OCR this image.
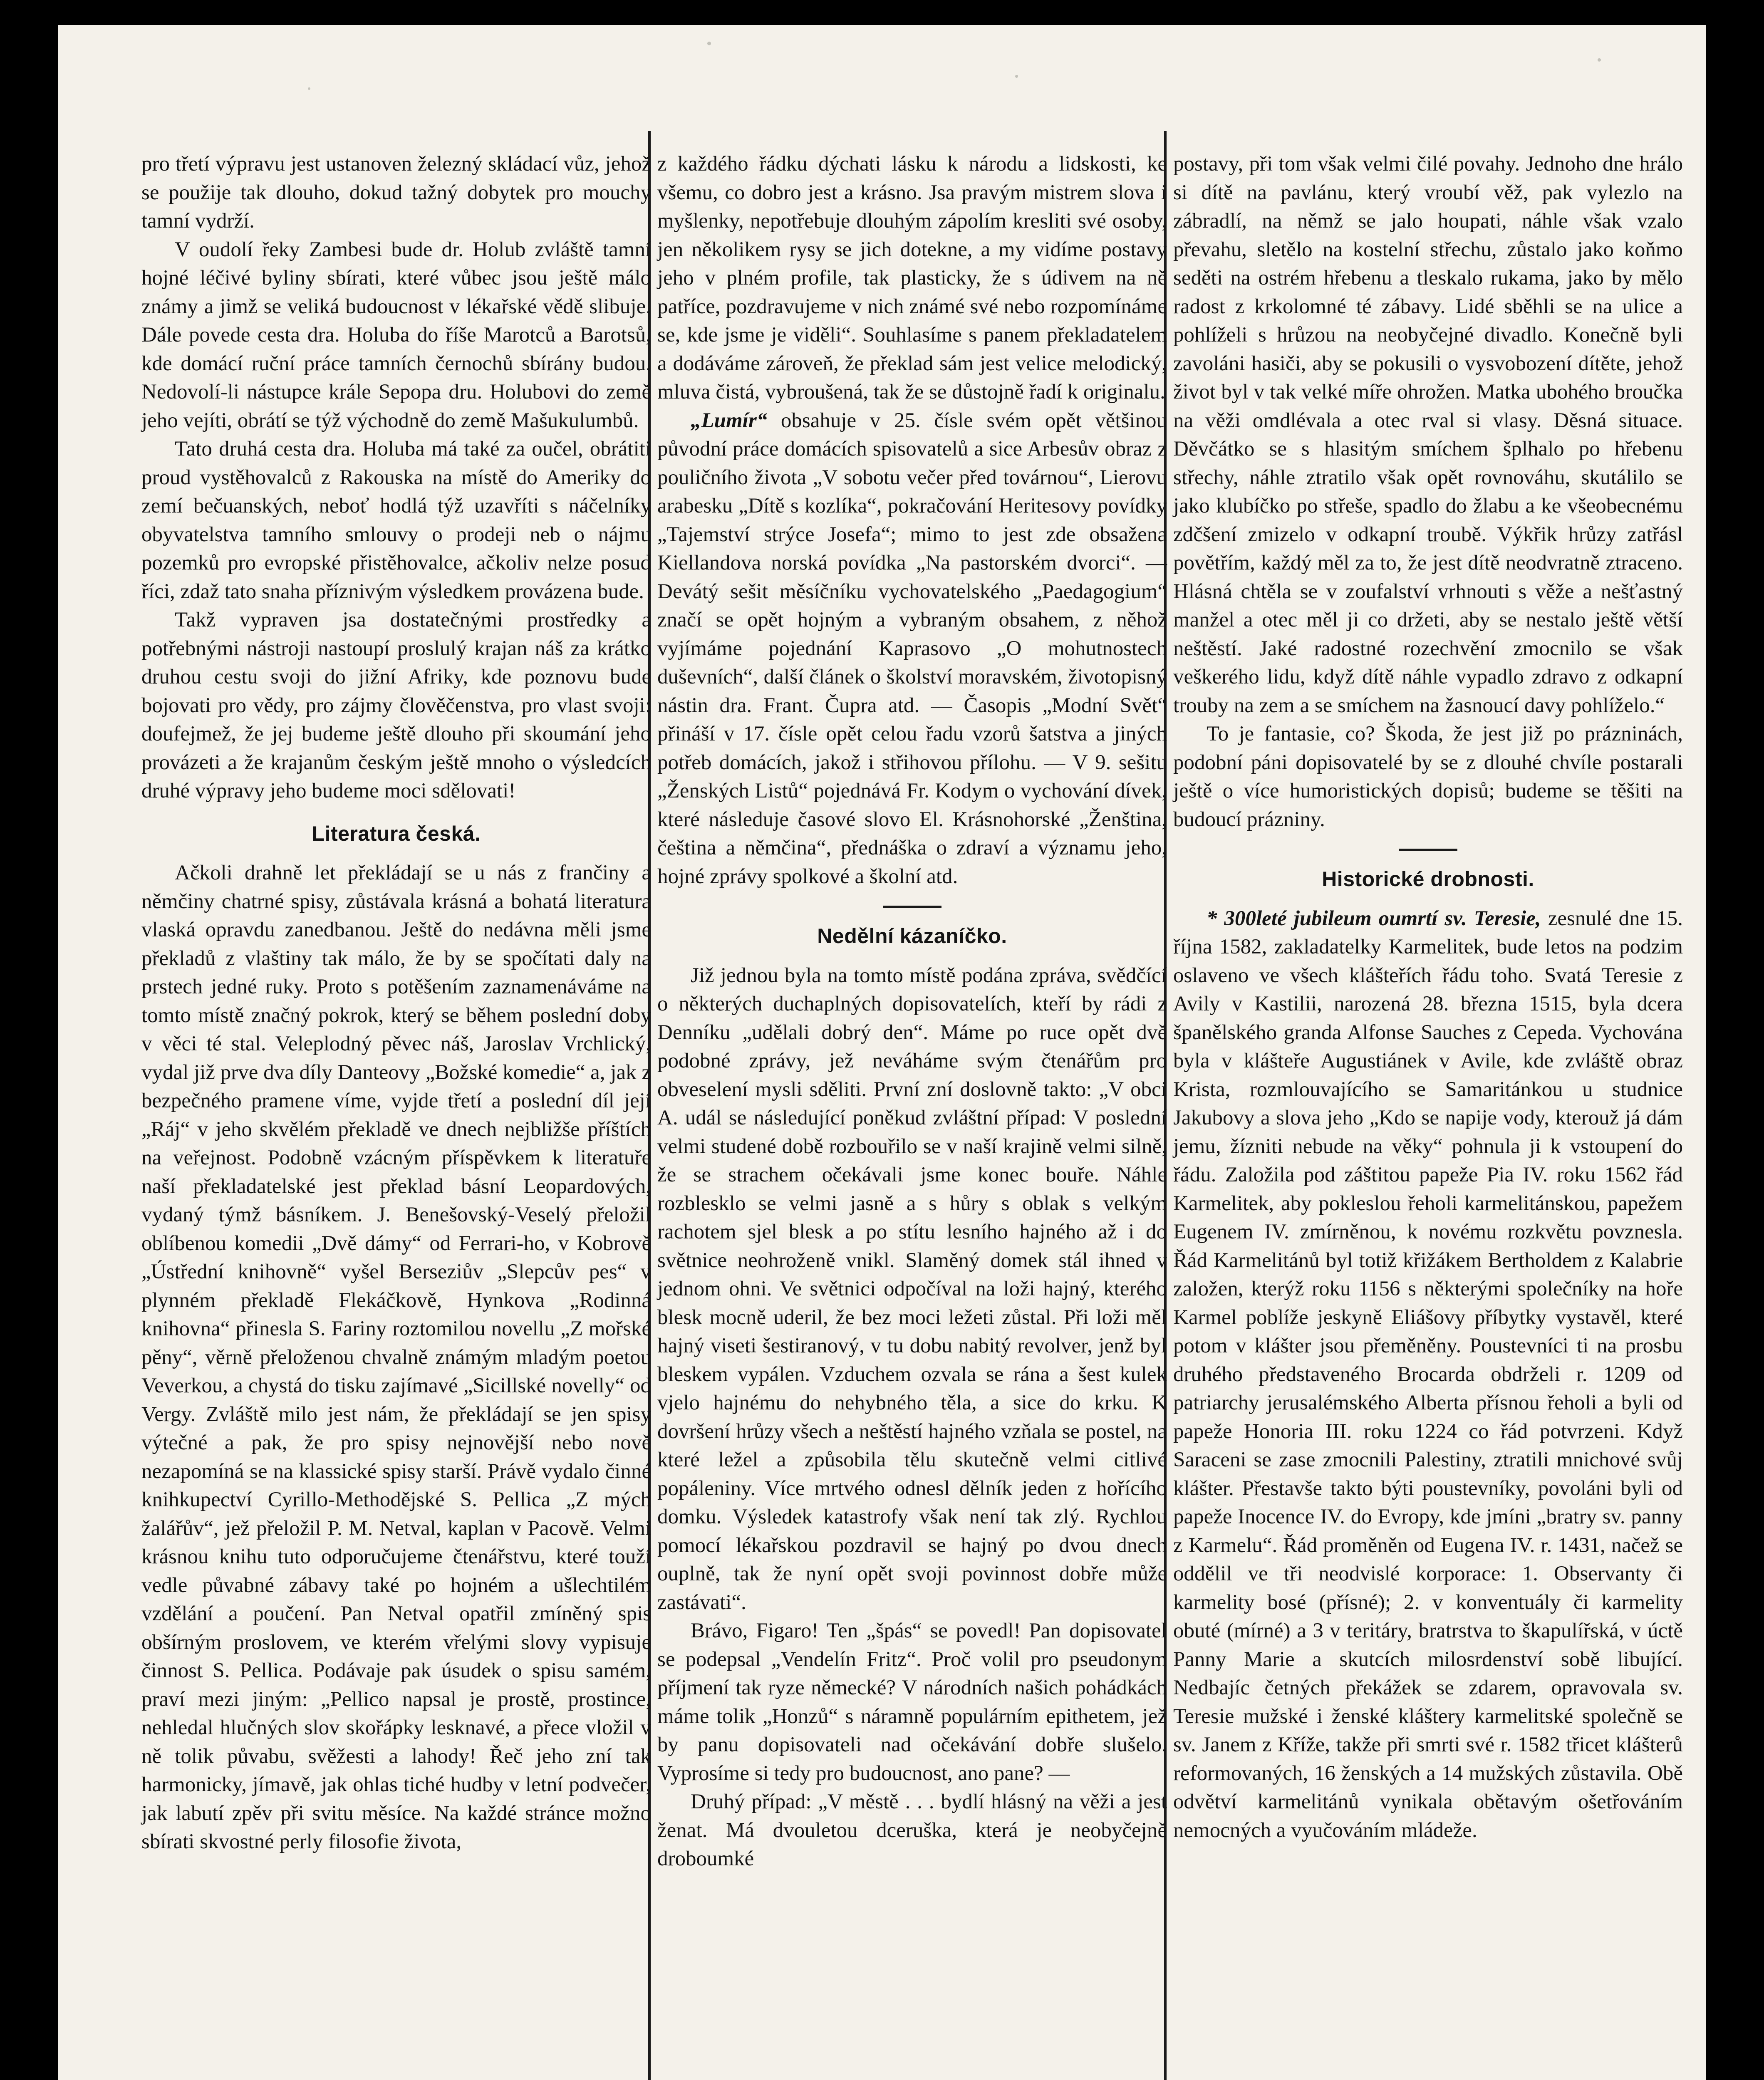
pro třetí výpravu jest ustanoven železný skládací vůz, jehož se použije tak dlouho, dokud tažný dobytek pro mouchy tamní vydrží.

V oudolí řeky Zambesi bude dr. Holub zvláště tamní hojné léčivé byliny sbírati, které vůbec jsou ještě málo známy a jimž se veliká budoucnost v lékařské vědě slibuje. Dále povede cesta dra. Holuba do říše Marotců a Barotsů, kde domácí ruční práce tamních černochů sbírány budou. Nedovolí-li nástupce krále Sepopa dru. Holubovi do země jeho vejíti, obrátí se týž východně do země Mašukulumbů.

Tato druhá cesta dra. Holuba má také za oučel, obrátiti proud vystěhovalců z Rakouska na místě do Ameriky do zemí bečuanských, neboť hodlá týž uzavříti s náčelníky obyvatelstva tamního smlouvy o prodeji neb o nájmu pozemků pro evropské přistěhovalce, ačkoliv nelze posud říci, zdaž tato snaha příznivým výsledkem provázena bude.

Takž vypraven jsa dostatečnými prostředky a potřebnými nástroji nastoupí proslulý krajan náš za krátko druhou cestu svoji do jižní Afriky, kde poznovu bude bojovati pro vědy, pro zájmy člověčenstva, pro vlast svoji: doufejmež, že jej budeme ještě dlouho při skoumání jeho provázeti a že krajanům českým ještě mnoho o výsledcích druhé výpravy jeho budeme moci sdělovati!

Literatura česká.

Ačkoli drahně let překládají se u nás z frančiny a němčiny chatrné spisy, zůstávala krásná a bohatá literatura vlaská opravdu zanedbanou. Ještě do nedávna měli jsme překladů z vlaštiny tak málo, že by se spočítati daly na prstech jedné ruky. Proto s potěšením zaznamenáváme na tomto místě značný pokrok, který se během poslední doby v věci té stal. Veleplodný pěvec náš, Jaroslav Vrchlický, vydal již prve dva díly Danteovy „Božské komedie“ a, jak z bezpečného pramene víme, vyjde třetí a poslední díl její „Ráj“ v jeho skvělém překladě ve dnech nejbližše příštích na veřejnost. Podobně vzácným příspěvkem k literatuře naší překladatelské jest překlad básní Leopardových, vydaný týmž básníkem. J. Benešovský-Veselý přeložil oblíbenou komedii „Dvě dámy“ od Ferrari-ho, v Kobrově „Ústřední knihovně“ vyšel Berseziův „Slepcův pes“ v plynném překladě Flekáčkově, Hynkova „Rodinná knihovna“ přinesla S. Fariny roztomilou novellu „Z mořské pěny“, věrně přeloženou chvalně známým mladým poetou Veverkou, a chystá do tisku zajímavé „Sicillské novelly“ od Vergy. Zvláště milo jest nám, že překládají se jen spisy výtečné a pak, že pro spisy nejnovější nebo nově nezapomíná se na klassické spisy starší. Právě vydalo činné knihkupectví Cyrillo-Methodějské S. Pellica „Z mých žalářův“, jež přeložil P. M. Netval, kaplan v Pacově. Velmi krásnou knihu tuto odporučujeme čtenářstvu, které touží vedle půvabné zábavy také po hojném a ušlechtilém vzdělání a poučení. Pan Netval opatřil zmíněný spis obšírným proslovem, ve kterém vřelými slovy vypisuje činnost S. Pellica. Podávaje pak úsudek o spisu samém, praví mezi jiným: „Pellico napsal je prostě, prostince, nehledal hlučných slov skořápky lesknavé, a přece vložil v ně tolik půvabu, svěžesti a lahody! Řeč jeho zní tak harmonicky, jímavě, jak ohlas tiché hudby v letní podvečer, jak labutí zpěv při svitu měsíce. Na každé stránce možno sbírati skvostné perly filosofie života,

z každého řádku dýchati lásku k národu a lidskosti, ke všemu, co dobro jest a krásno. Jsa pravým mistrem slova i myšlenky, nepotřebuje dlouhým zápolím kresliti své osoby, jen několikem rysy se jich dotekne, a my vidíme postavy jeho v plném profile, tak plasticky, že s údivem na ně patříce, pozdravujeme v nich známé své nebo rozpomínáme se, kde jsme je viděli“. Souhlasíme s panem překladatelem a dodáváme zároveň, že překlad sám jest velice melodický, mluva čistá, vybroušená, tak že se důstojně řadí k originalu.

„Lumír“ obsahuje v 25. čísle svém opět většinou původní práce domácích spisovatelů a sice Arbesův obraz z pouličního života „V sobotu večer před továrnou“, Lierovu arabesku „Dítě s kozlíka“, pokračování Heritesovy povídky „Tajemství strýce Josefa“; mimo to jest zde obsažena Kiellandova norská povídka „Na pastorském dvorci“. — Devátý sešit měsíčníku vychovatelského „Paedagogium“ značí se opět hojným a vybraným obsahem, z něhož vyjímáme pojednání Kaprasovo „O mohutnostech duševních“, další článek o školství moravském, životopisný nástin dra. Frant. Čupra atd. — Časopis „Modní Svět“ přináší v 17. čísle opět celou řadu vzorů šatstva a jiných potřeb domácích, jakož i střihovou přílohu. — V 9. sešitu „Ženských Listů“ pojednává Fr. Kodym o vychování dívek, které následuje časové slovo El. Krásnohorské „Ženština, čeština a němčina“, přednáška o zdraví a významu jeho, hojné zprávy spolkové a školní atd.

Nedělní kázaníčko.

Již jednou byla na tomto místě podána zpráva, svědčící o některých duchaplných dopisovatelích, kteří by rádi z Denníku „udělali dobrý den“. Máme po ruce opět dvě podobné zprávy, jež neváháme svým čtenářům pro obveselení mysli sděliti. První zní doslovně takto: „V obci A. udál se následující poněkud zvláštní případ: V poslední velmi studené době rozbouřilo se v naší krajině velmi silně, že se strachem očekávali jsme konec bouře. Náhle rozblesklo se velmi jasně a s hůry s oblak s velkým rachotem sjel blesk a po stítu lesního hajného až i do světnice neohroženě vnikl. Slaměný domek stál ihned v jednom ohni. Ve světnici odpočíval na loži hajný, kterého blesk mocně uderil, že bez moci ležeti zůstal. Při loži měl hajný viseti šestiranový, v tu dobu nabitý revolver, jenž byl bleskem vypálen. Vzduchem ozvala se rána a šest kulek vjelo hajnému do nehybného těla, a sice do krku. K dovršení hrůzy všech a neštěstí hajného vzňala se postel, na které ležel a způsobila tělu skutečně velmi citlivé popáleniny. Více mrtvého odnesl dělník jeden z hořícího domku. Výsledek katastrofy však není tak zlý. Rychlou pomocí lékařskou pozdravil se hajný po dvou dnech ouplně, tak že nyní opět svoji povinnost dobře může zastávati“.

Brávo, Figaro! Ten „špás“ se povedl! Pan dopisovatel se podepsal „Vendelín Fritz“. Proč volil pro pseudonym příjmení tak ryze německé? V národních našich pohádkách máme tolik „Honzů“ s náramně populárním epithetem, jež by panu dopisovateli nad očekávání dobře slušelo. Vyprosíme si tedy pro budoucnost, ano pane? —

Druhý případ: „V městě . . . bydlí hlásný na věži a jest ženat. Má dvouletou dceruška, která je neobyčejně droboumké

postavy, při tom však velmi čilé povahy. Jednoho dne hrálo si dítě na pavlánu, který vroubí věž, pak vylezlo na zábradlí, na němž se jalo houpati, náhle však vzalo převahu, sletělo na kostelní střechu, zůstalo jako koňmo seděti na ostrém hřebenu a tleskalo rukama, jako by mělo radost z krkolomné té zábavy. Lidé sběhli se na ulice a pohlíželi s hrůzou na neobyčejné divadlo. Konečně byli zavoláni hasiči, aby se pokusili o vysvobození dítěte, jehož život byl v tak velké míře ohrožen. Matka ubohého broučka na věži omdlévala a otec rval si vlasy. Děsná situace. Děvčátko se s hlasitým smíchem šplhalo po hřebenu střechy, náhle ztratilo však opět rovnováhu, skutálilo se jako klubíčko po střeše, spadlo do žlabu a ke všeobecnému zdčšení zmizelo v odkapní troubě. Výkřik hrůzy zatřásl povětřím, každý měl za to, že jest dítě neodvratně ztraceno. Hlásná chtěla se v zoufalství vrhnouti s věže a nešťastný manžel a otec měl ji co držeti, aby se nestalo ještě větší neštěstí. Jaké radostné rozechvění zmocnilo se však veškerého lidu, když dítě náhle vypadlo zdravo z odkapní trouby na zem a se smíchem na žasnoucí davy pohlíželo.“

To je fantasie, co? Škoda, že jest již po prázninách, podobní páni dopisovatelé by se z dlouhé chvíle postarali ještě o více humoristických dopisů; budeme se těšiti na budoucí prázniny.

Historické drobnosti.

* 300leté jubileum oumrtí sv. Teresie, zesnulé dne 15. října 1582, zakladatelky Karmelitek, bude letos na podzim oslaveno ve všech klášteřích řádu toho. Svatá Teresie z Avily v Kastilii, narozená 28. března 1515, byla dcera španělského granda Alfonse Sauches z Cepeda. Vychována byla v klášteře Augustiánek v Avile, kde zvláště obraz Krista, rozmlouvajícího se Samaritánkou u studnice Jakubovy a slova jeho „Kdo se napije vody, kterouž já dám jemu, žízniti nebude na věky“ pohnula ji k vstoupení do řádu. Založila pod záštitou papeže Pia IV. roku 1562 řád Karmelitek, aby pokleslou řeholi karmelitánskou, papežem Eugenem IV. zmírněnou, k novému rozkvětu povznesla. Řád Karmelitánů byl totiž křižákem Bertholdem z Kalabrie založen, kterýž roku 1156 s některými společníky na hoře Karmel poblíže jeskyně Eliášovy příbytky vystavěl, které potom v klášter jsou přeměněny. Poustevníci ti na prosbu druhého představeného Brocarda obdrželi r. 1209 od patriarchy jerusalémského Alberta přísnou řeholi a byli od papeže Honoria III. roku 1224 co řád potvrzeni. Když Saraceni se zase zmocnili Palestiny, ztratili mnichové svůj klášter. Přestavše takto býti poustevníky, povoláni byli od papeže Inocence IV. do Evropy, kde jmíni „bratry sv. panny z Karmelu“. Řád proměněn od Eugena IV. r. 1431, načež se oddělil ve tři neodvislé korporace: 1. Observanty či karmelity bosé (přísné); 2. v konventuály či karmelity obuté (mírné) a 3 v teritáry, bratrstva to škapulířská, v úctě Panny Marie a skutcích milosrdenství sobě libující. Nedbajíc četných překážek se zdarem, opravovala sv. Teresie mužské i ženské kláštery karmelitské společně se sv. Janem z Kříže, takže při smrti své r. 1582 třicet klášterů reformovaných, 16 ženských a 14 mužských zůstavila. Obě odvětví karmelitánů vynikala obětavým ošetřováním nemocných a vyučováním mládeže.
